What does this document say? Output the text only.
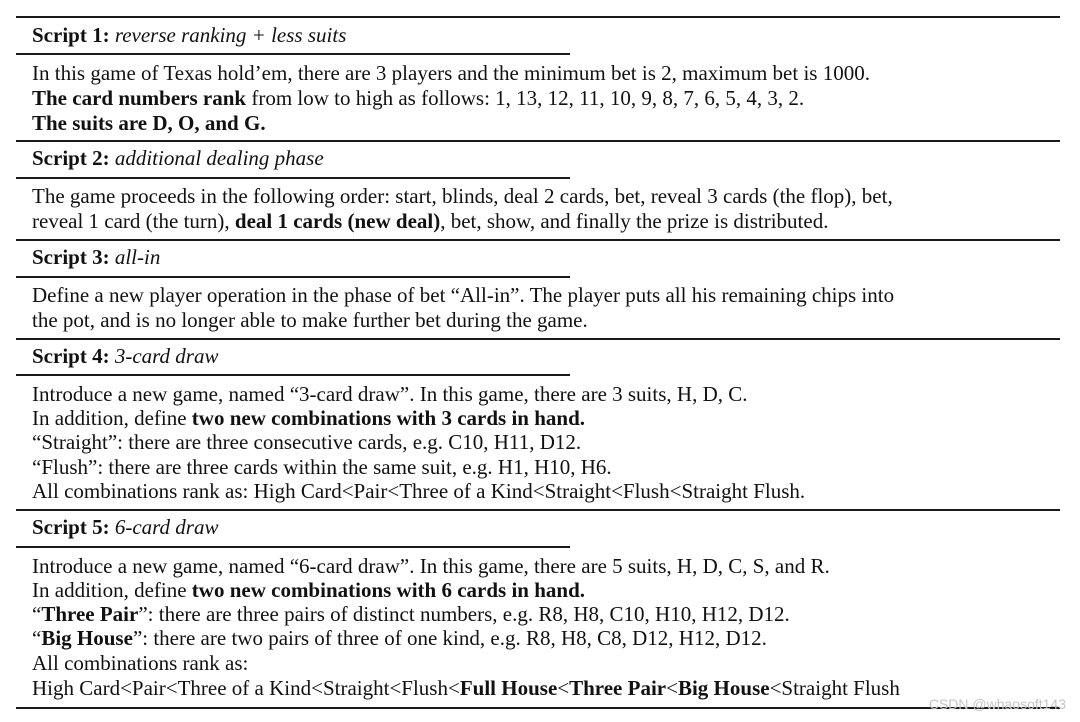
Script 1: reverse ranking + less suits
In this game of Texas hold’em, there are 3 players and the minimum bet is 2, maximum bet is 1000.
The card numbers rank from low to high as follows: 1, 13, 12, 11, 10, 9, 8, 7, 6, 5, 4, 3, 2.
The suits are D, O, and G.
Script 2: additional dealing phase
The game proceeds in the following order: start, blinds, deal 2 cards, bet, reveal 3 cards (the flop), bet,
reveal 1 card (the turn), deal 1 cards (new deal), bet, show, and finally the prize is distributed.
Script 3: all-in
Define a new player operation in the phase of bet “All-in”. The player puts all his remaining chips into
the pot, and is no longer able to make further bet during the game.
Script 4: 3-card draw
Introduce a new game, named “3-card draw”. In this game, there are 3 suits, H, D, C.
In addition, define two new combinations with 3 cards in hand.
“Straight”: there are three consecutive cards, e.g. C10, H11, D12.
“Flush”: there are three cards within the same suit, e.g. H1, H10, H6.
All combinations rank as: High Card<Pair<Three of a Kind<Straight<Flush<Straight Flush.
Script 5: 6-card draw
Introduce a new game, named “6-card draw”. In this game, there are 5 suits, H, D, C, S, and R.
In addition, define two new combinations with 6 cards in hand.
“Three Pair”: there are three pairs of distinct numbers, e.g. R8, H8, C10, H10, H12, D12.
“Big House”: there are two pairs of three of one kind, e.g. R8, H8, C8, D12, H12, D12.
All combinations rank as:
High Card<Pair<Three of a Kind<Straight<Flush<Full House<Three Pair<Big House<Straight Flush
CSDN @whaosoft143
